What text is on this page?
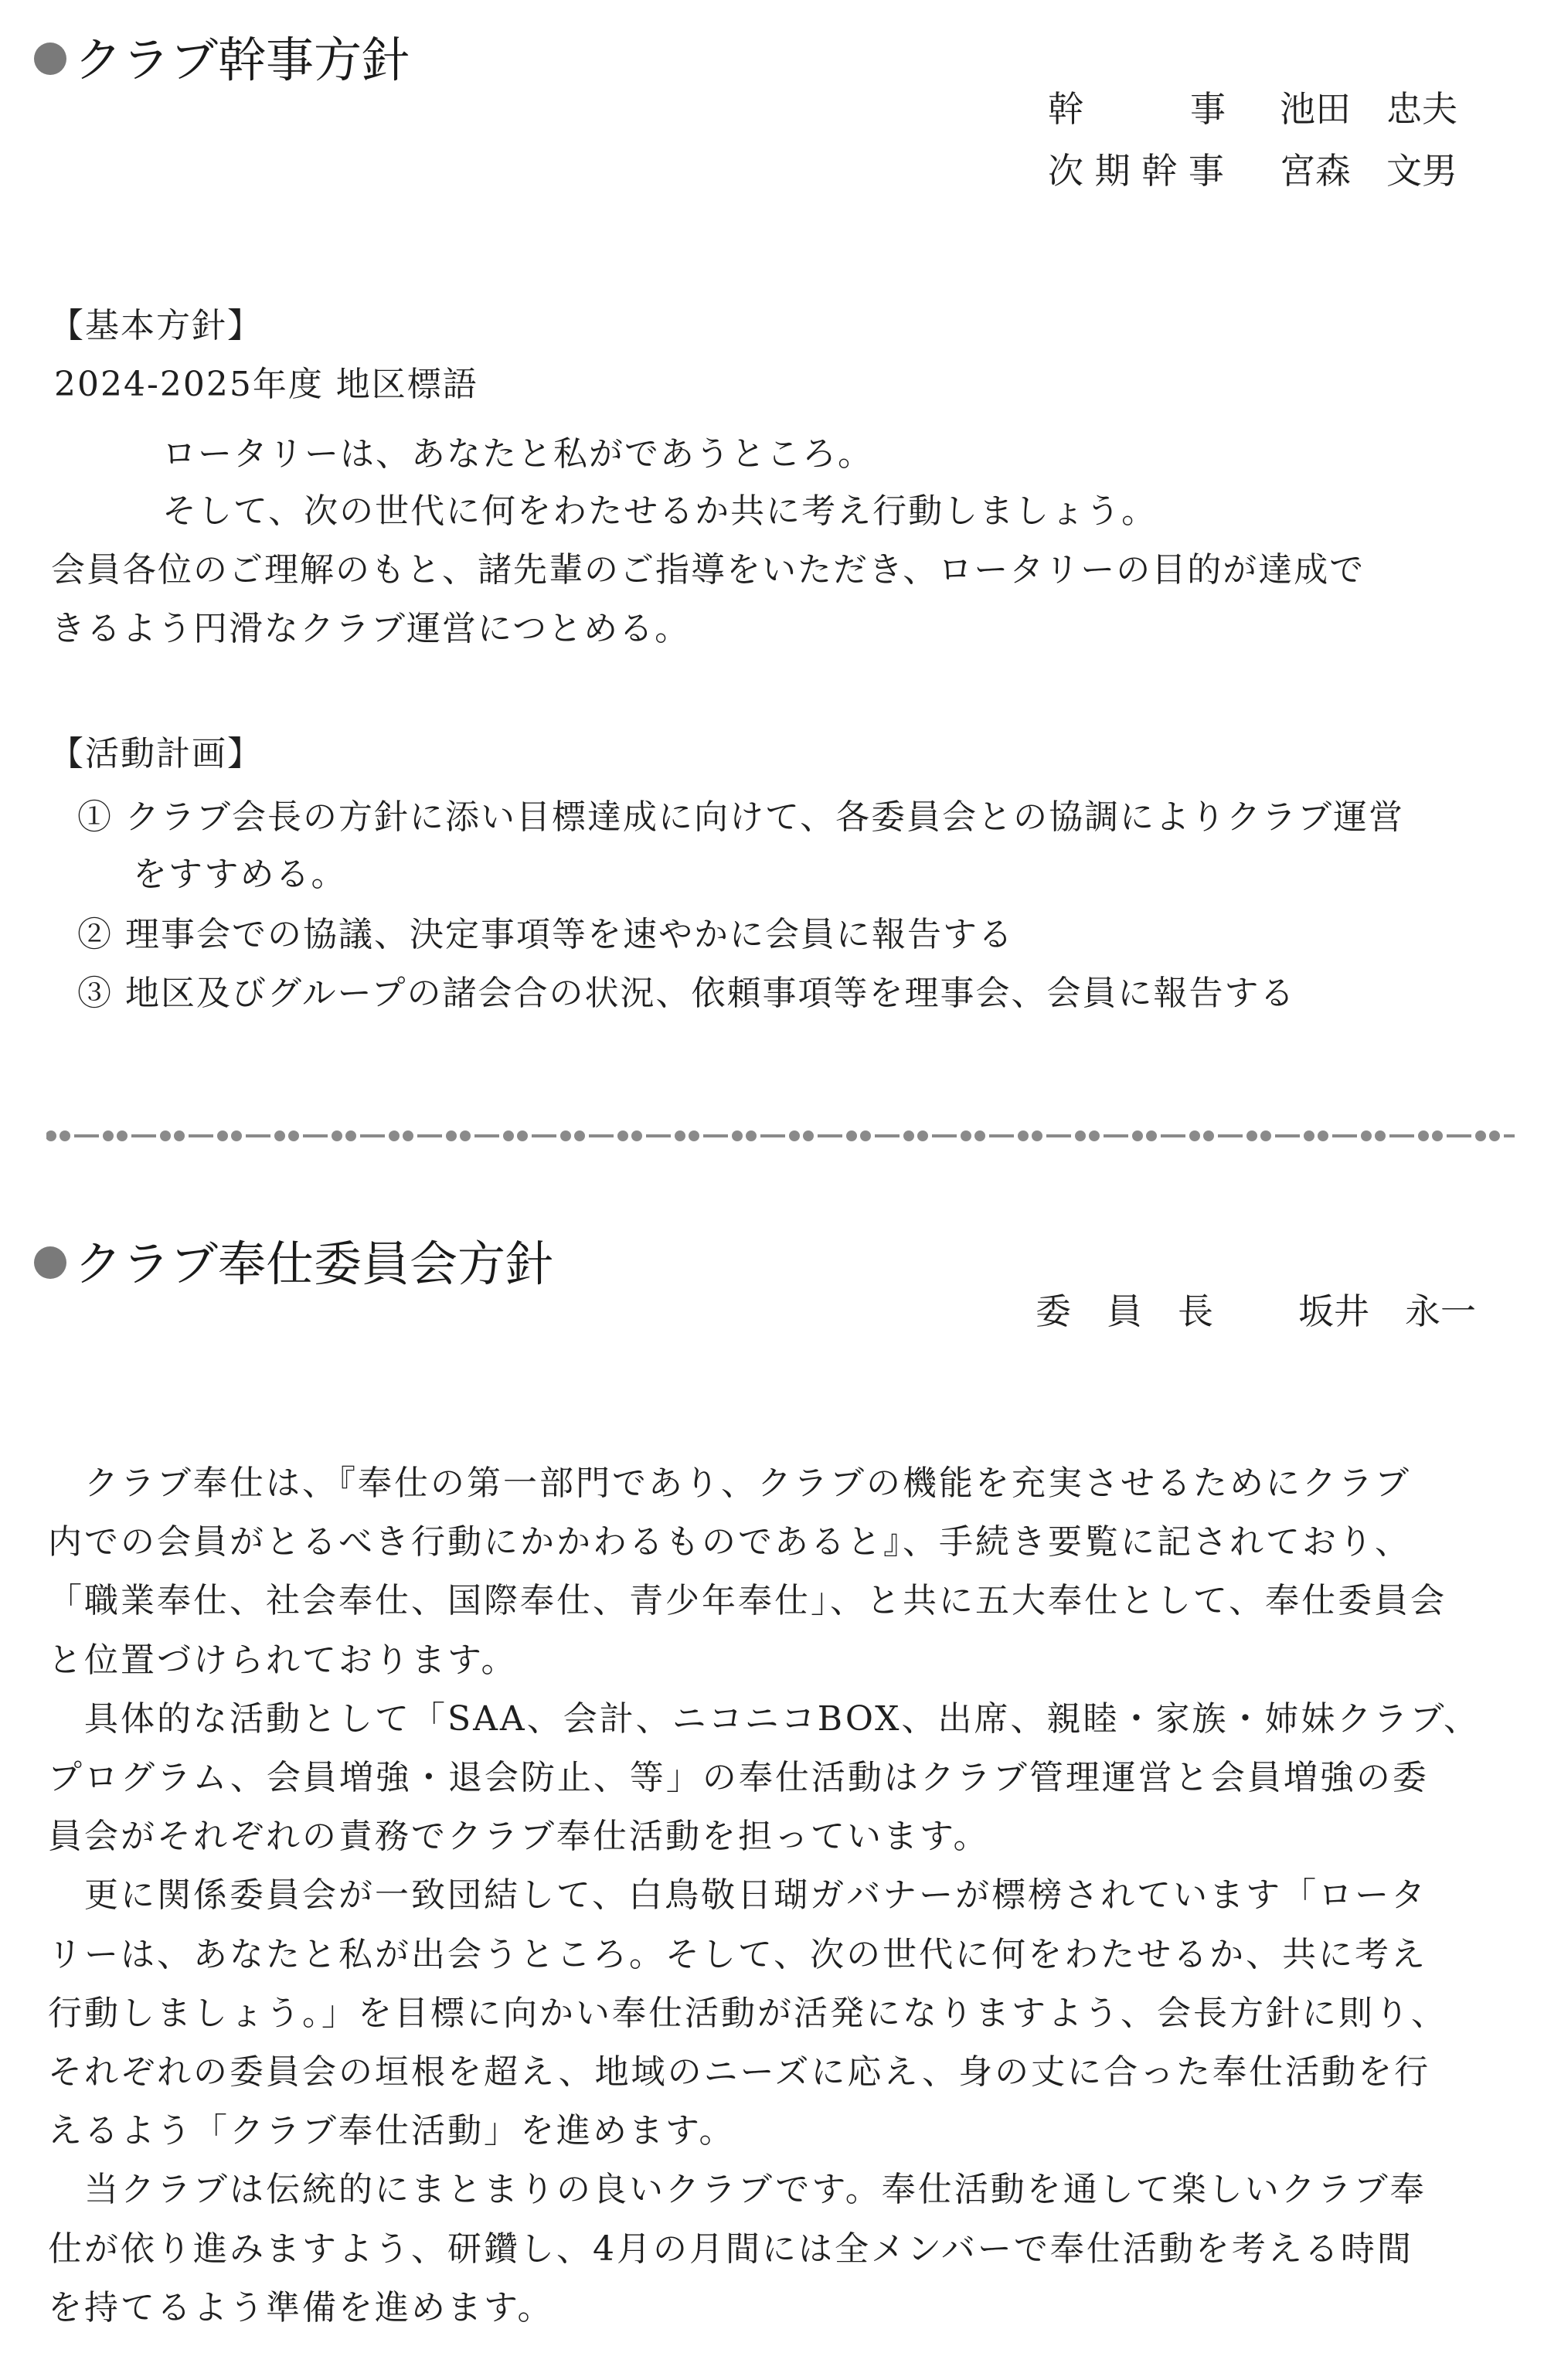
クラブ幹事方針
幹　　　事 池田　忠夫
次 期 幹 事 宮森　文男
【基本方針】
2024-2025年度 地区標語
ロータリーは、あなたと私がであうところ。
そして、次の世代に何をわたせるか共に考え行動しましょう。
会員各位のご理解のもと、諸先輩のご指導をいただき、ロータリーの目的が達成で
きるよう円滑なクラブ運営につとめる。
【活動計画】
① クラブ会長の方針に添い目標達成に向けて、各委員会との協調によりクラブ運営
をすすめる。
② 理事会での協議、決定事項等を速やかに会員に報告する
③ 地区及びグループの諸会合の状況、依頼事項等を理事会、会員に報告する
クラブ奉仕委員会方針
委　員　長 坂井　永一
　クラブ奉仕は、『奉仕の第一部門であり、クラブの機能を充実させるためにクラブ
内での会員がとるべき行動にかかわるものであると』、手続き要覧に記されており、
「職業奉仕、社会奉仕、国際奉仕、青少年奉仕」、と共に五大奉仕として、奉仕委員会
と位置づけられております。
　具体的な活動として「SAA、会計、ニコニコBOX、出席、親睦・家族・姉妹クラブ、
プログラム、会員増強・退会防止、等」の奉仕活動はクラブ管理運営と会員増強の委
員会がそれぞれの責務でクラブ奉仕活動を担っています。
　更に関係委員会が一致団結して、白鳥敬日瑚ガバナーが標榜されています「ロータ
リーは、あなたと私が出会うところ。そして、次の世代に何をわたせるか、共に考え
行動しましょう。」を目標に向かい奉仕活動が活発になりますよう、会長方針に則り、
それぞれの委員会の垣根を超え、地域のニーズに応え、身の丈に合った奉仕活動を行
えるよう「クラブ奉仕活動」を進めます。
　当クラブは伝統的にまとまりの良いクラブです。奉仕活動を通して楽しいクラブ奉
仕が依り進みますよう、研鑽し、4月の月間には全メンバーで奉仕活動を考える時間
を持てるよう準備を進めます。
